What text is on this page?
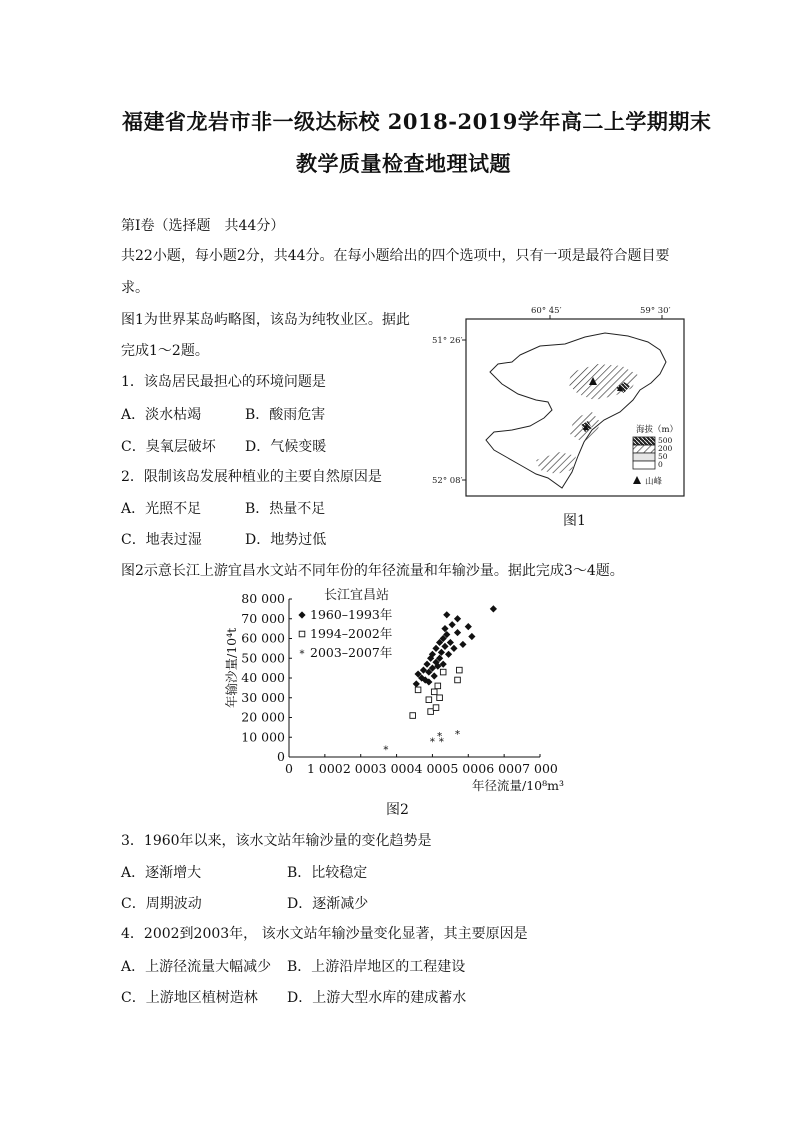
福建省龙岩市非一级达标校 2018-2019学年高二上学期期末
教学质量检查地理试题
第Ⅰ卷（选择题　共44分）
共22小题，每小题2分，共44分。在每小题给出的四个选项中，只有一项是最符合题目要
求。
图1为世界某岛屿略图，该岛为纯牧业区。据此
完成1～2题。
1．该岛居民最担心的环境问题是
A．淡水枯竭	B．酸雨危害
C．臭氧层破坏 D．气候变暖
2．限制该岛发展种植业的主要自然原因是
A．光照不足	B．热量不足
C．地表过湿	D．地势过低
60° 45′	59° 30′
51° 26′
52° 08′
海拔（m）
500
200
50
0
山峰
图1
图2示意长江上游宜昌水文站不同年份的年径流量和年输沙量。据此完成3～4题。
长江宜昌站
0 1 000 2 000 3 000 4 000 5 000 6 000 7 000
0
10 000
20 000
30 000
40 000
50 000
60 000
70 000
80 000
*
*
*
*
*
1960–1993年
1994–2002年
* 2003–2007年
年径流量/10⁸m³
年输沙量/10⁴t
图2
3．1960年以来，该水文站年输沙量的变化趋势是
A．逐渐增大	B．比较稳定
C．周期波动	D．逐渐减少
4．2002到2003年， 该水文站年输沙量变化显著，其主要原因是
A．上游径流量大幅减少 B．上游沿岸地区的工程建设
C．上游地区植树造林 D．上游大型水库的建成蓄水
